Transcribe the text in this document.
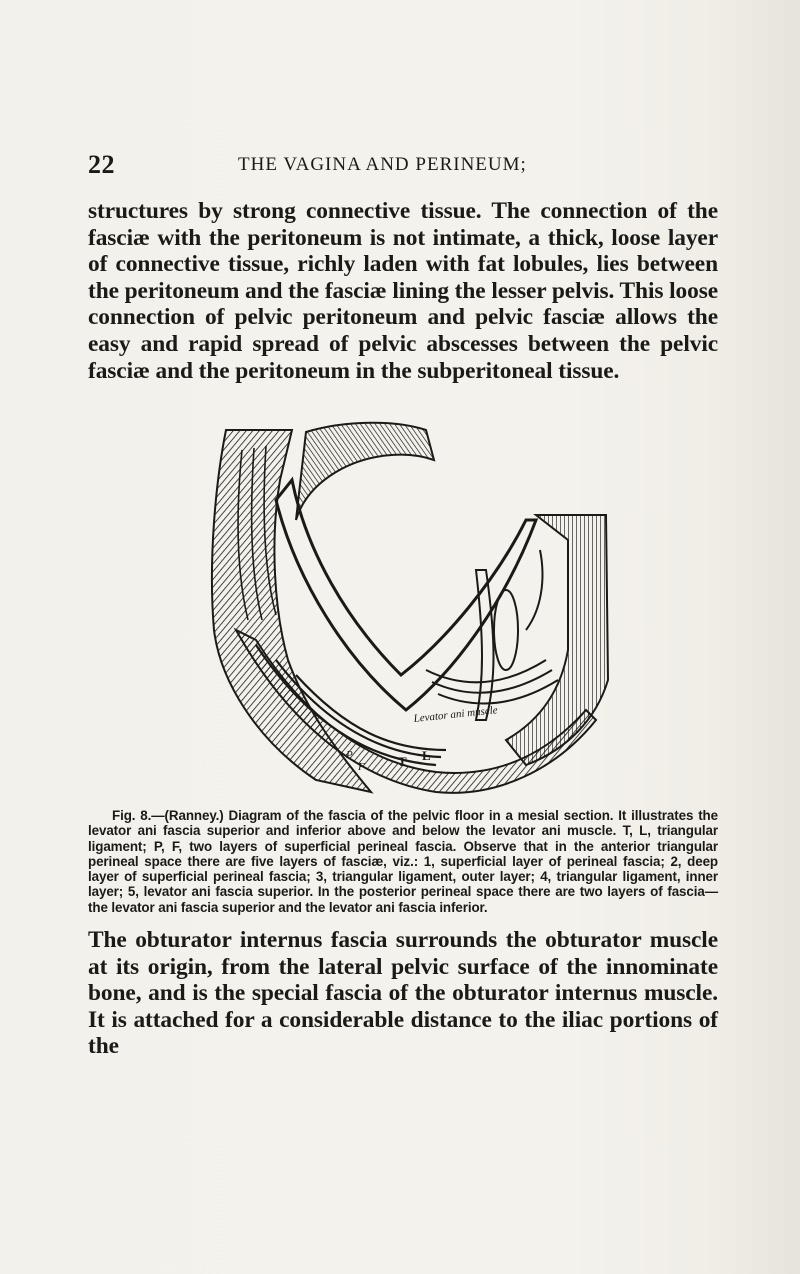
22	THE VAGINA AND PERINEUM;

structures by strong connective tissue. The connection of the fasciæ with the peritoneum is not intimate, a thick, loose layer of connective tissue, richly laden with fat lobules, lies between the peritoneum and the fasciæ lining the lesser pelvis. This loose connection of pelvic peritoneum and pelvic fasciæ allows the easy and rapid spread of pelvic abscesses between the pelvic fasciæ and the peritoneum in the subperitoneal tissue.

Levator ani muscle
T L
P
F
Fig. 8.—(Ranney.) Diagram of the fascia of the pelvic floor in a mesial section. It illustrates the levator ani fascia superior and inferior above and below the levator ani muscle. T, L, triangular ligament; P, F, two layers of superficial perineal fascia. Observe that in the anterior triangular perineal space there are five layers of fasciæ, viz.: 1, superficial layer of perineal fascia; 2, deep layer of superficial perineal fascia; 3, triangular ligament, outer layer; 4, triangular ligament, inner layer; 5, levator ani fascia superior. In the posterior perineal space there are two layers of fascia—the levator ani fascia superior and the levator ani fascia inferior.

The obturator internus fascia surrounds the obturator muscle at its origin, from the lateral pelvic surface of the innominate bone, and is the special fascia of the obturator internus muscle. It is attached for a considerable distance to the iliac portions of the
